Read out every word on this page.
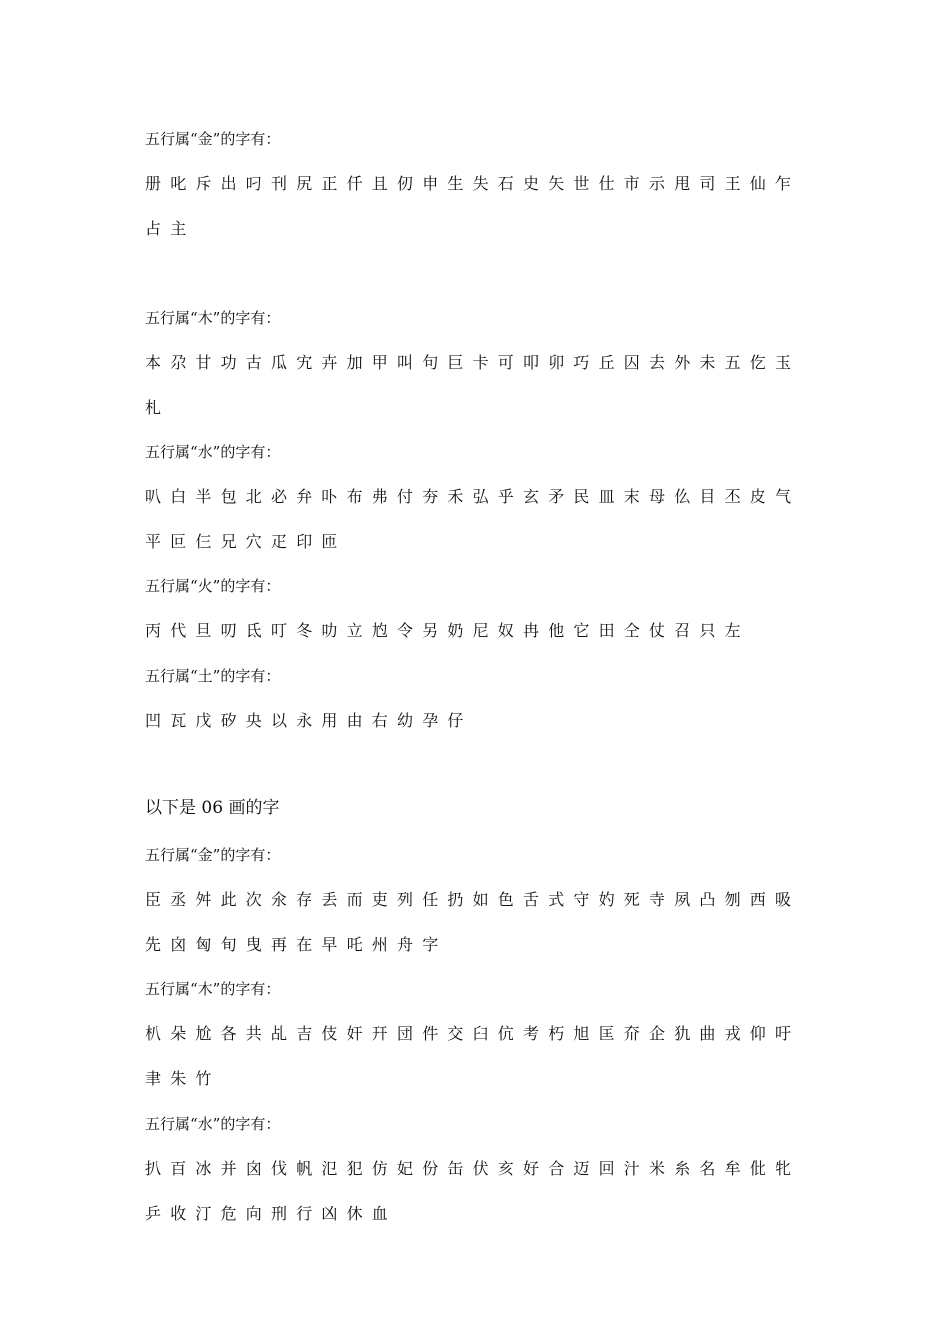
五行属“金”的字有：
册叱斥出叼刊尻正仟且仞申生失石史矢世仕市示甩司王仙乍
占主
五行属“木”的字有：
本尕甘功古瓜宄卉加甲叫句巨卡可叩卯巧丘囚去外未五仡玉
札
五行属“水”的字有：
叭白半包北必弁卟布弗付夯禾弘乎玄矛民皿末母仫目丕皮气
平叵仨兄穴疋印匝
五行属“火”的字有：
丙代旦叨氐叮冬叻立尥令另奶尼奴冉他它田仝仗召只左
五行属“土”的字有：
凹瓦戊矽央以永用由右幼孕仔
以下是 06 画的字
五行属“金”的字有：
臣丞舛此次氽存丢而吏列任扔如色舌式守妁死寺夙凸刎西吸
先囟匈旬曳再在早吒州舟字
五行属“木”的字有：
朳朵尬各共乩吉伎奸幵団件交臼伉考朽旭匡夼企犰曲戎仰吁
聿朱竹
五行属“水”的字有：
扒百冰并囟伐帆氾犯仿妃份缶伏亥好合迈回汁米糸名牟仳牝
乒收汀危向刑行凶休血
